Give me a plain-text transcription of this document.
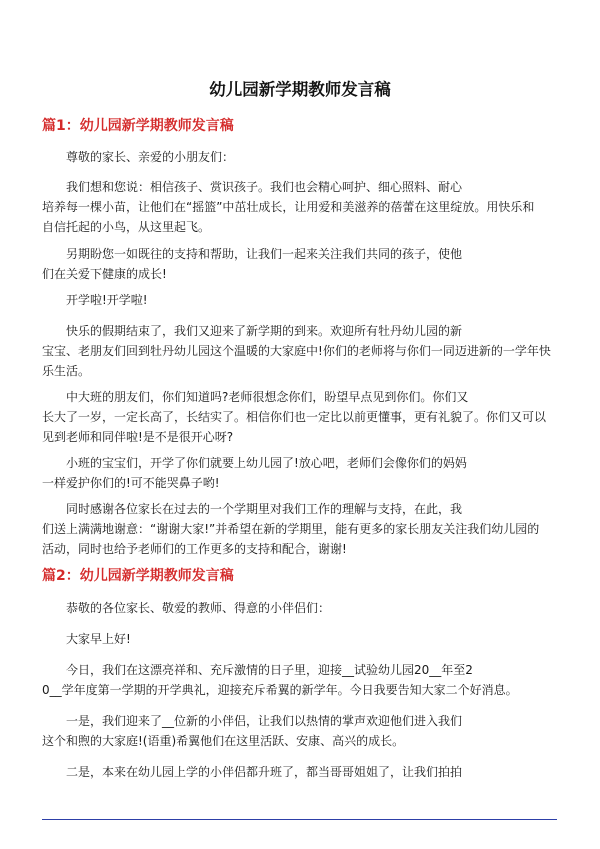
幼儿园新学期教师发言稿
篇1：幼儿园新学期教师发言稿

尊敬的家长、亲爱的小朋友们：

我们想和您说：相信孩子、赏识孩子。我们也会精心呵护、细心照料、耐心

培养每一棵小苗，让他们在“摇篮”中茁壮成长，让用爱和美滋养的蓓蕾在这里绽放。用快乐和

自信托起的小鸟，从这里起飞。

另期盼您一如既往的支持和帮助，让我们一起来关注我们共同的孩子，使他

们在关爱下健康的成长!

开学啦!开学啦!

快乐的假期结束了，我们又迎来了新学期的到来。欢迎所有牡丹幼儿园的新

宝宝、老朋友们回到牡丹幼儿园这个温暖的大家庭中!你们的老师将与你们一同迈进新的一学年快

乐生活。

中大班的朋友们，你们知道吗?老师很想念你们，盼望早点见到你们。你们又

长大了一岁，一定长高了，长结实了。相信你们也一定比以前更懂事，更有礼貌了。你们又可以

见到老师和同伴啦!是不是很开心呀?

小班的宝宝们，开学了你们就要上幼儿园了!放心吧，老师们会像你们的妈妈

一样爱护你们的!可不能哭鼻子哟!

同时感谢各位家长在过去的一个学期里对我们工作的理解与支持，在此，我

们送上满满地谢意：“谢谢大家!”并希望在新的学期里，能有更多的家长朋友关注我们幼儿园的

活动，同时也给予老师们的工作更多的支持和配合，谢谢!

篇2：幼儿园新学期教师发言稿

恭敬的各位家长、敬爱的教师、得意的小伴侣们：

大家早上好!

今日，我们在这漂亮祥和、充斥激情的日子里，迎接__试验幼儿园20__年至2

0__学年度第一学期的开学典礼，迎接充斥希翼的新学年。今日我要告知大家二个好消息。

一是，我们迎来了__位新的小伴侣，让我们以热情的掌声欢迎他们进入我们

这个和煦的大家庭!(语重)希翼他们在这里活跃、安康、高兴的成长。

二是，本来在幼儿园上学的小伴侣都升班了，都当哥哥姐姐了，让我们拍拍
